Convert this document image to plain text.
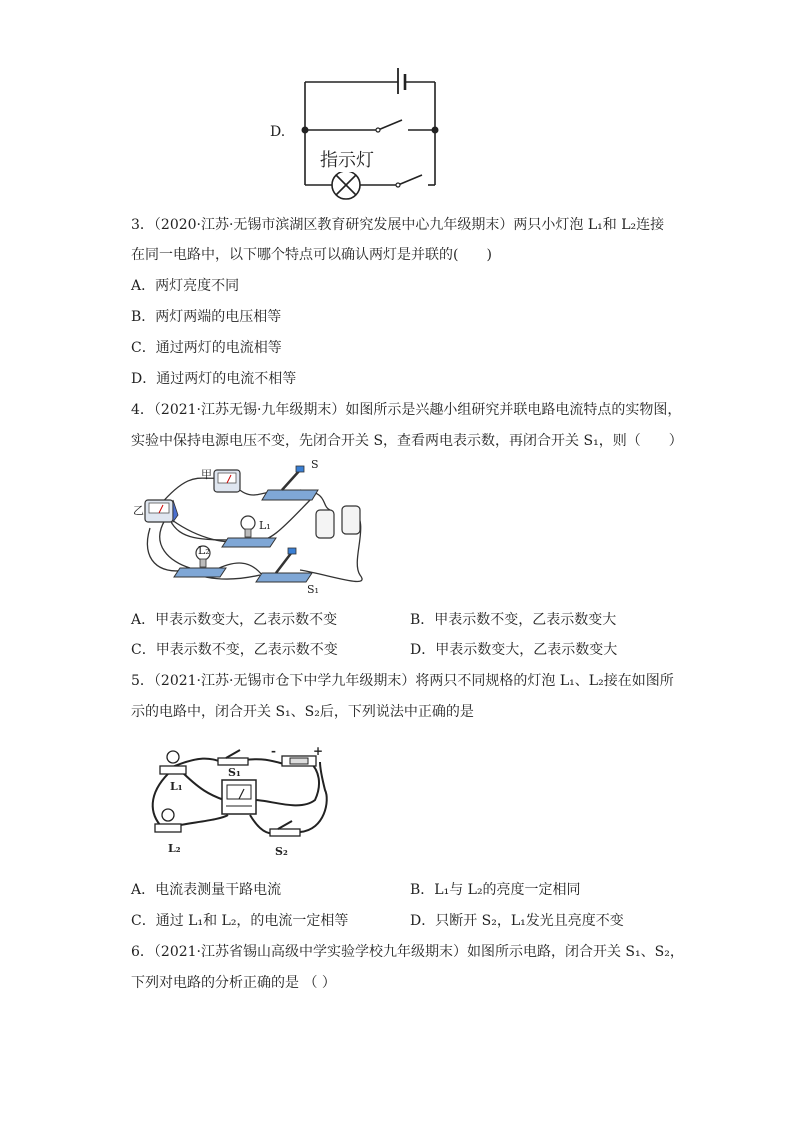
D.
指示灯
3．（2020·江苏·无锡市滨湖区教育研究发展中心九年级期末）两只小灯泡 L₁和 L₂连接
在同一电路中，以下哪个特点可以确认两灯是并联的(　　)
A．两灯亮度不同
B．两灯两端的电压相等
C．通过两灯的电流相等
D．通过两灯的电流不相等
4．（2021·江苏无锡·九年级期末）如图所示是兴趣小组研究并联电路电流特点的实物图，
实验中保持电源电压不变，先闭合开关 S，查看两电表示数，再闭合开关 S₁，则（　　）
甲
乙
S
L₁
L₂
S₁
A．甲表示数变大，乙表示数不变	B．甲表示数不变，乙表示数变大
C．甲表示数不变，乙表示数不变	D．甲表示数变大，乙表示数变大
5．（2021·江苏·无锡市仓下中学九年级期末）将两只不同规格的灯泡 L₁、L₂接在如图所
示的电路中，闭合开关 S₁、S₂后，下列说法中正确的是
L₁
S₁
-	+
L₂	S₂
A．电流表测量干路电流	B．L₁与 L₂的亮度一定相同
C．通过 L₁和 L₂，的电流一定相等	D．只断开 S₂，L₁发光且亮度不变
6．（2021·江苏省锡山高级中学实验学校九年级期末）如图所示电路，闭合开关 S₁、S₂，
下列对电路的分析正确的是 （ ）
